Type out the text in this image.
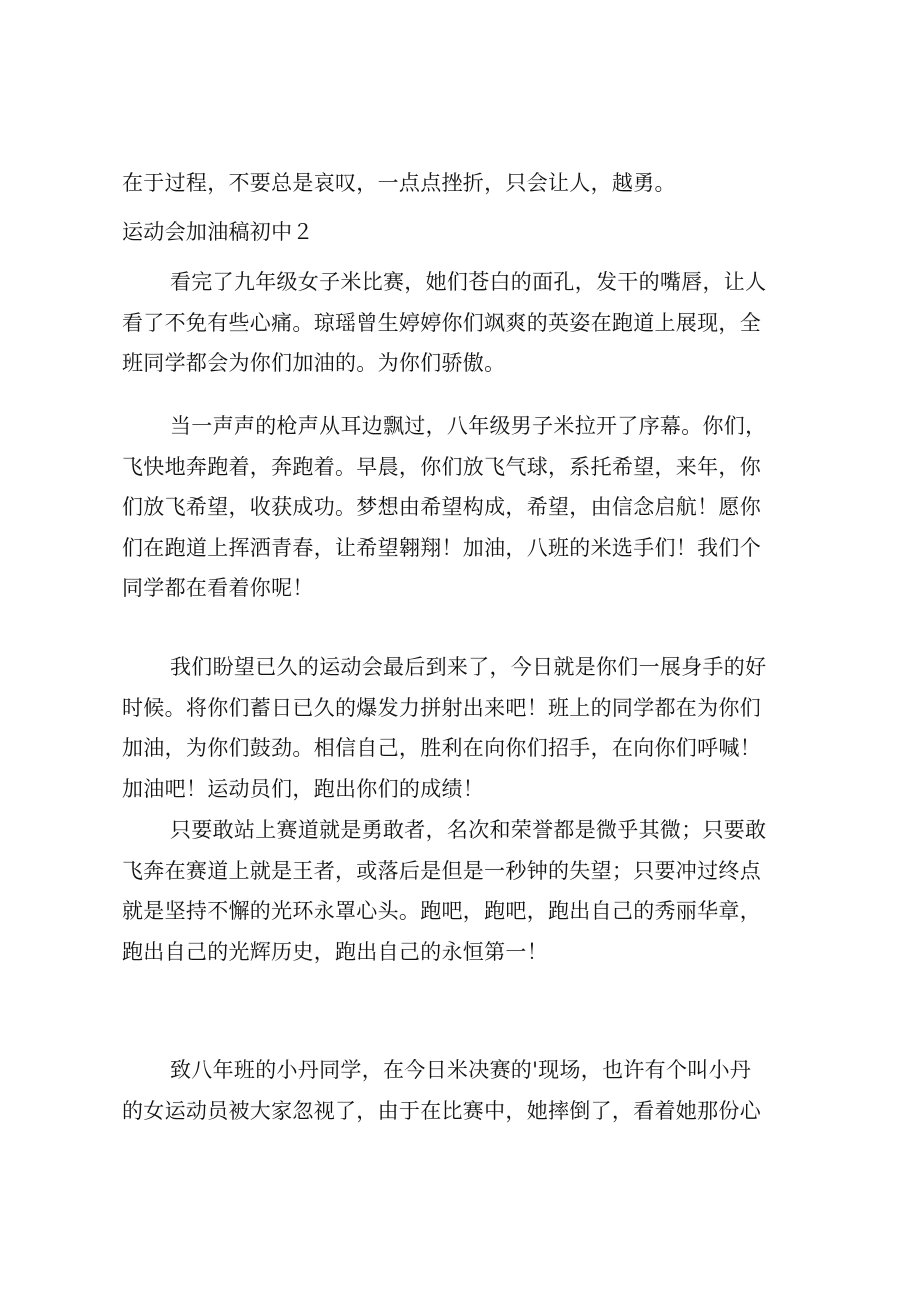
在于过程，不要总是哀叹，一点点挫折，只会让人，越勇。
运动会加油稿初中２
看完了九年级女子米比赛，她们苍白的面孔，发干的嘴唇，让人
看了不免有些心痛。琼瑶曾生婷婷你们飒爽的英姿在跑道上展现，全
班同学都会为你们加油的。为你们骄傲。
当一声声的枪声从耳边飘过，八年级男子米拉开了序幕。你们，
飞快地奔跑着，奔跑着。早晨，你们放飞气球，系托希望，来年，你
们放飞希望，收获成功。梦想由希望构成，希望，由信念启航！愿你
们在跑道上挥洒青春，让希望翱翔！加油，八班的米选手们！我们个
同学都在看着你呢！
我们盼望已久的运动会最后到来了，今日就是你们一展身手的好
时候。将你们蓄日已久的爆发力拼射出来吧！班上的同学都在为你们
加油，为你们鼓劲。相信自己，胜利在向你们招手，在向你们呼喊！
加油吧！运动员们，跑出你们的成绩！
只要敢站上赛道就是勇敢者，名次和荣誉都是微乎其微；只要敢
飞奔在赛道上就是王者，或落后是但是一秒钟的失望；只要冲过终点
就是坚持不懈的光环永罩心头。跑吧，跑吧，跑出自己的秀丽华章，
跑出自己的光辉历史，跑出自己的永恒第一！
致八年班的小丹同学，在今日米决赛的'现场，也许有个叫小丹
的女运动员被大家忽视了，由于在比赛中，她摔倒了，看着她那份心
